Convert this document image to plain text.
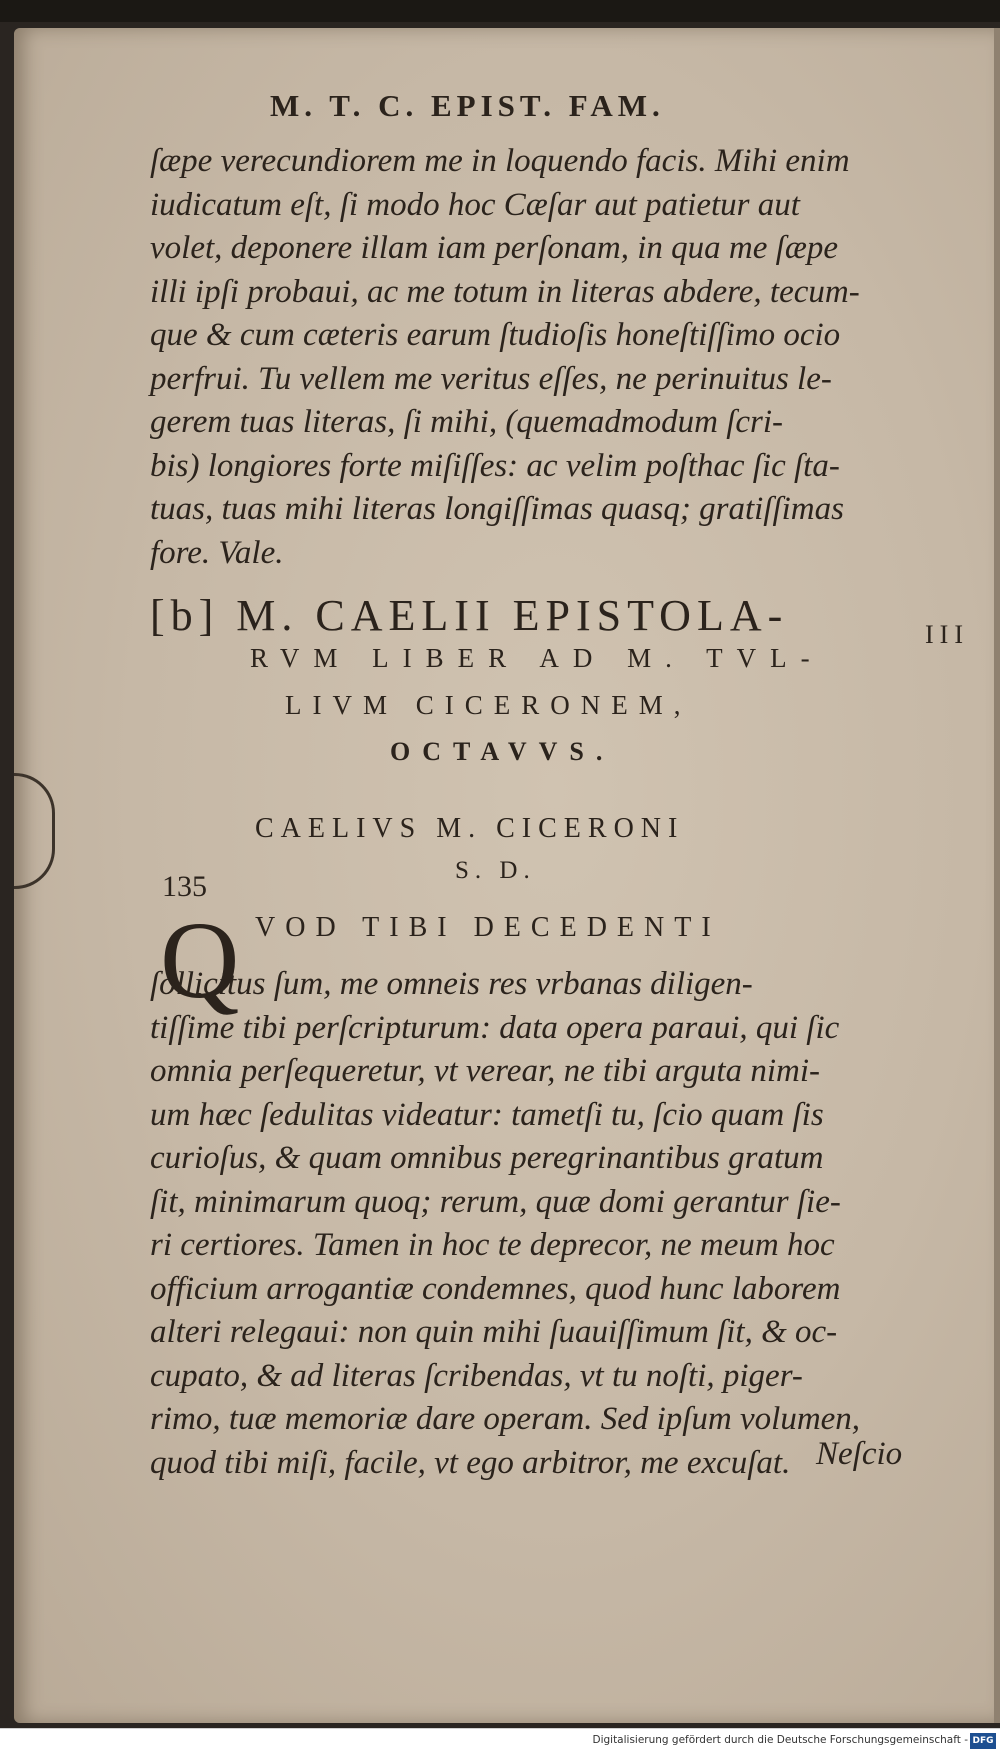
M. T. C. EPIST. FAM.
ſæpe verecundiorem me in loquendo facis. Mihi enim
iudicatum eſt, ſi modo hoc Cæſar aut patietur aut
volet, deponere illam iam perſonam, in qua me ſæpe
illi ipſi probaui, ac me totum in literas abdere, tecum-
que & cum cæteris earum ſtudioſis honeſtiſſimo ocio
perfrui. Tu vellem me veritus eſſes, ne perinuitus le-
gerem tuas literas, ſi mihi, (quemadmodum ſcri-
bis) longiores forte miſiſſes: ac velim poſthac ſic ſta-
tuas, tuas mihi literas longiſſimas quasq; gratiſſimas
fore. Vale.
[b] M. CAELII EPISTOLA-	III
RVM LIBER AD M. TVL-
LIVM CICERONEM,
OCTAVVS.
CAELIVS M. CICERONI
135	S. D.
Q VOD TIBI DECEDENTI
ſollicitus ſum, me omneis res vrbanas diligen-
tiſſime tibi perſcripturum: data opera paraui, qui ſic
omnia perſequeretur, vt verear, ne tibi arguta nimi-
um hæc ſedulitas videatur: tametſi tu, ſcio quam ſis
curioſus, & quam omnibus peregrinantibus gratum
ſit, minimarum quoq; rerum, quæ domi gerantur ſie-
ri certiores. Tamen in hoc te deprecor, ne meum hoc
officium arrogantiæ condemnes, quod hunc laborem
alteri relegaui: non quin mihi ſuauiſſimum ſit, & oc-
cupato, & ad literas ſcribendas, vt tu noſti, piger-
rimo, tuæ memoriæ dare operam. Sed ipſum volumen,
quod tibi miſi, facile, vt ego arbitror, me excuſat. Neſcio
Digitalisierung gefördert durch die Deutsche Forschungsgemeinschaft - DFG
